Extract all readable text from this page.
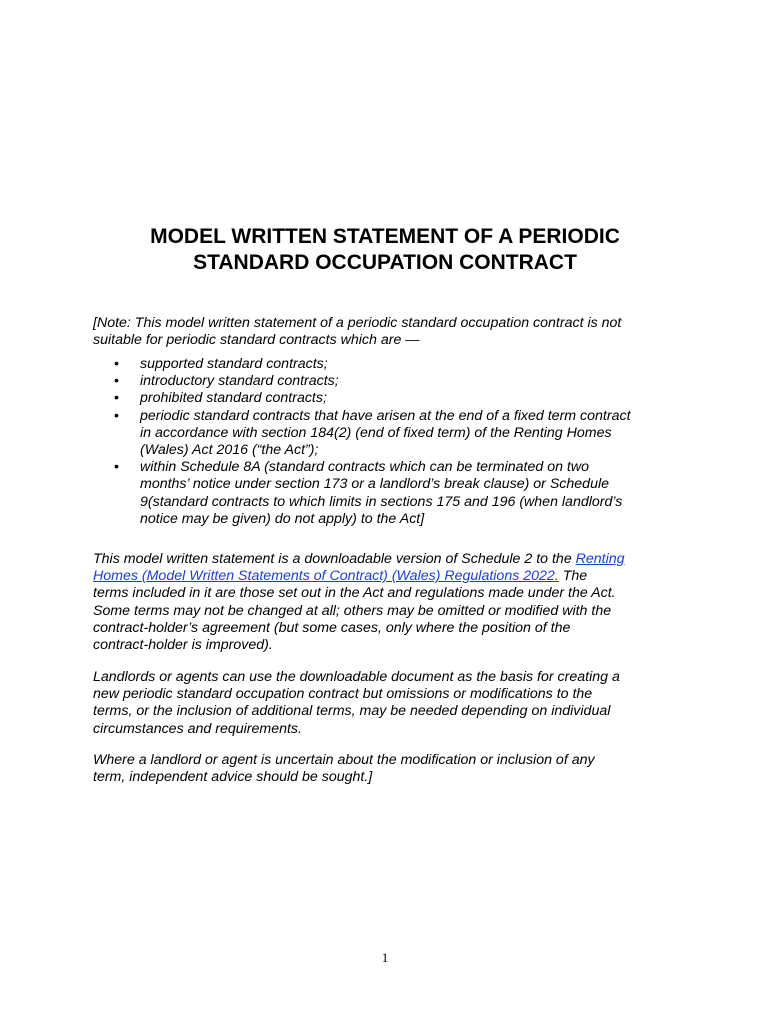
MODEL WRITTEN STATEMENT OF A PERIODIC
STANDARD OCCUPATION CONTRACT

[Note: This model written statement of a periodic standard occupation contract is not
suitable for periodic standard contracts which are —

• supported standard contracts;
• introductory standard contracts;
• prohibited standard contracts;
• periodic standard contracts that have arisen at the end of a fixed term contract
in accordance with section 184(2) (end of fixed term) of the Renting Homes
(Wales) Act 2016 (“the Act”);
• within Schedule 8A (standard contracts which can be terminated on two
months’ notice under section 173 or a landlord’s break clause) or Schedule
9(standard contracts to which limits in sections 175 and 196 (when landlord’s
notice may be given) do not apply) to the Act]

This model written statement is a downloadable version of Schedule 2 to the Renting
Homes (Model Written Statements of Contract) (Wales) Regulations 2022. The
terms included in it are those set out in the Act and regulations made under the Act.
Some terms may not be changed at all; others may be omitted or modified with the
contract-holder’s agreement (but some cases, only where the position of the
contract-holder is improved).

Landlords or agents can use the downloadable document as the basis for creating a
new periodic standard occupation contract but omissions or modifications to the
terms, or the inclusion of additional terms, may be needed depending on individual
circumstances and requirements.

Where a landlord or agent is uncertain about the modification or inclusion of any
term, independent advice should be sought.]

1
